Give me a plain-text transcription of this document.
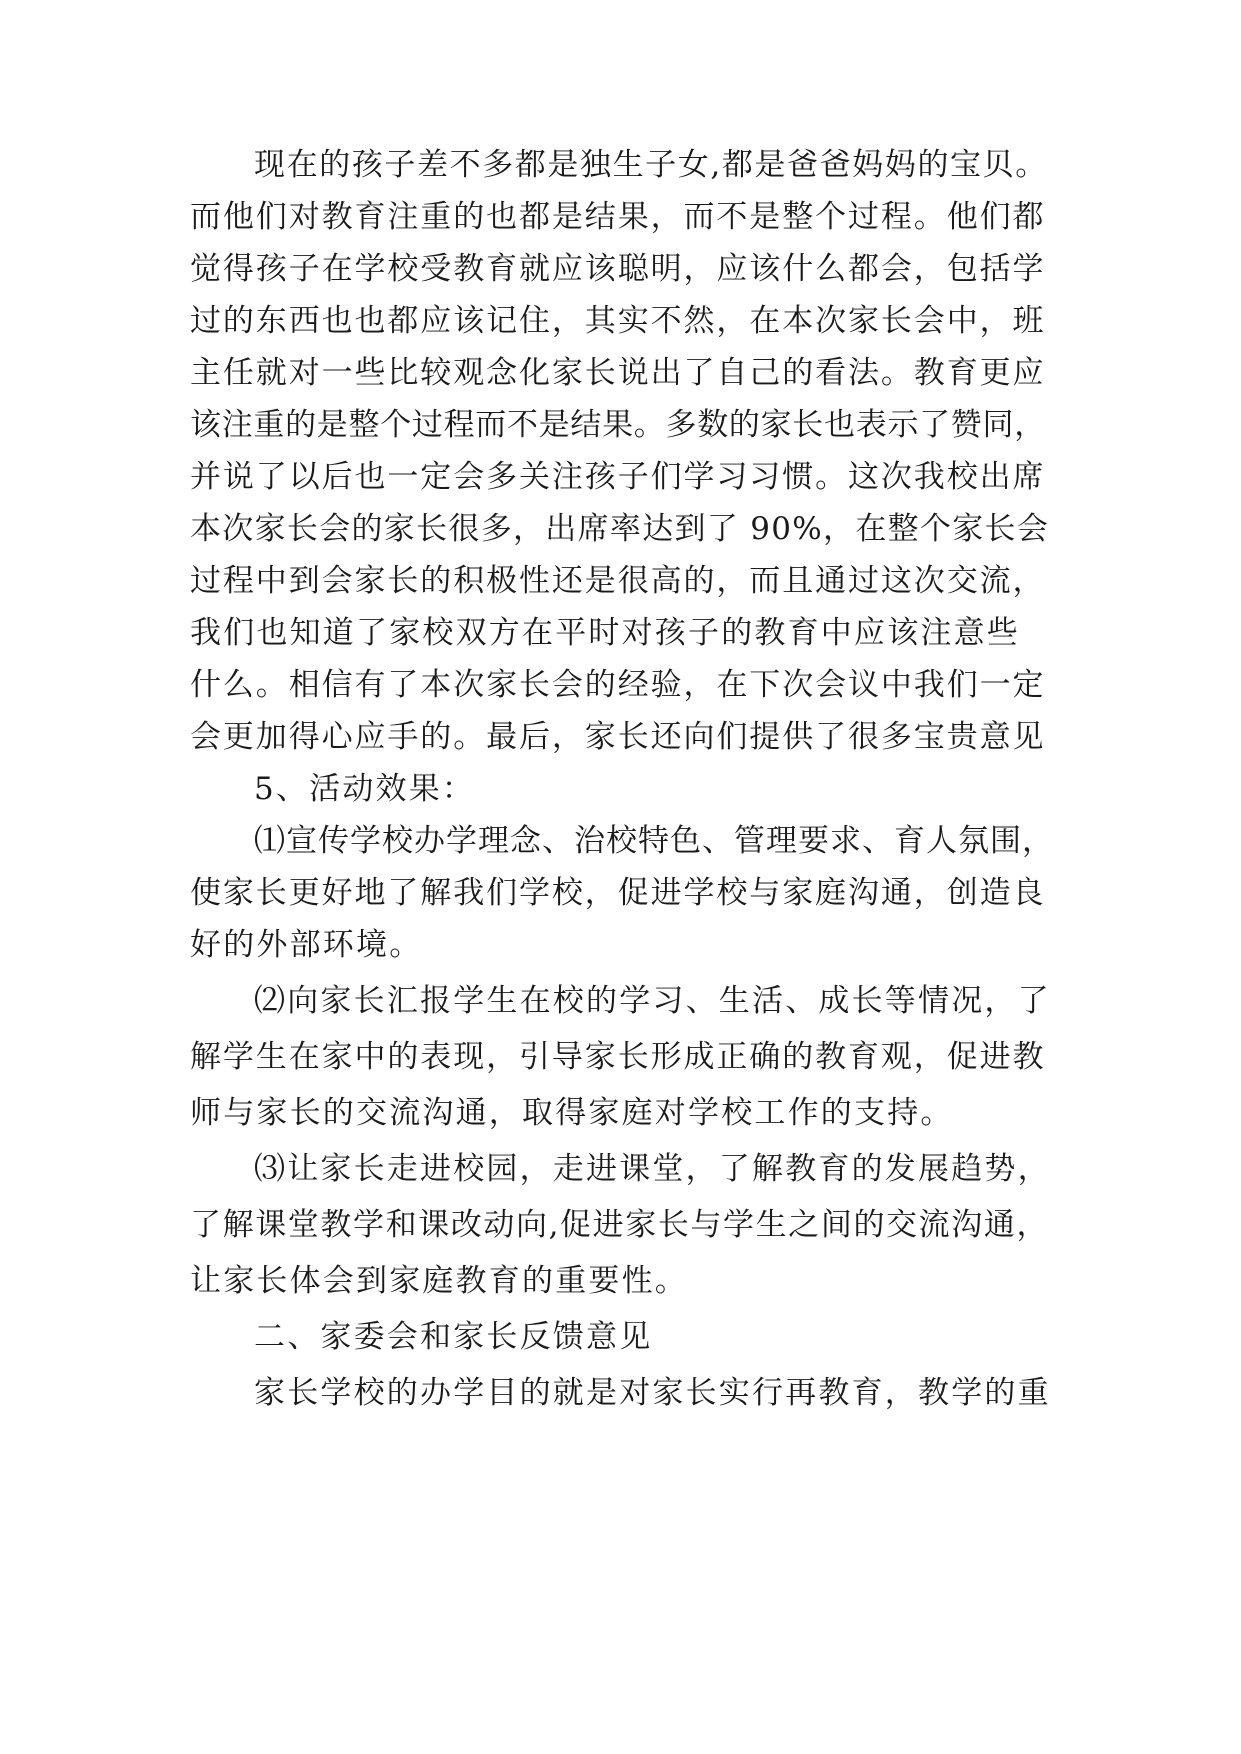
现在的孩子差不多都是独生子女,都是爸爸妈妈的宝贝。
而他们对教育注重的也都是结果，而不是整个过程。他们都
觉得孩子在学校受教育就应该聪明，应该什么都会，包括学
过的东西也也都应该记住，其实不然，在本次家长会中，班
主任就对一些比较观念化家长说出了自己的看法。教育更应
该注重的是整个过程而不是结果。多数的家长也表示了赞同，
并说了以后也一定会多关注孩子们学习习惯。这次我校出席
本次家长会的家长很多，出席率达到了 90%，在整个家长会
过程中到会家长的积极性还是很高的，而且通过这次交流，
我们也知道了家校双方在平时对孩子的教育中应该注意些
什么。相信有了本次家长会的经验，在下次会议中我们一定
会更加得心应手的。最后，家长还向们提供了很多宝贵意见
5、活动效果：
⑴宣传学校办学理念、治校特色、管理要求、育人氛围，
使家长更好地了解我们学校，促进学校与家庭沟通，创造良
好的外部环境。
⑵向家长汇报学生在校的学习、生活、成长等情况，了
解学生在家中的表现，引导家长形成正确的教育观，促进教
师与家长的交流沟通，取得家庭对学校工作的支持。
⑶让家长走进校园，走进课堂，了解教育的发展趋势，
了解课堂教学和课改动向,促进家长与学生之间的交流沟通，
让家长体会到家庭教育的重要性。
二、家委会和家长反馈意见
家长学校的办学目的就是对家长实行再教育，教学的重
